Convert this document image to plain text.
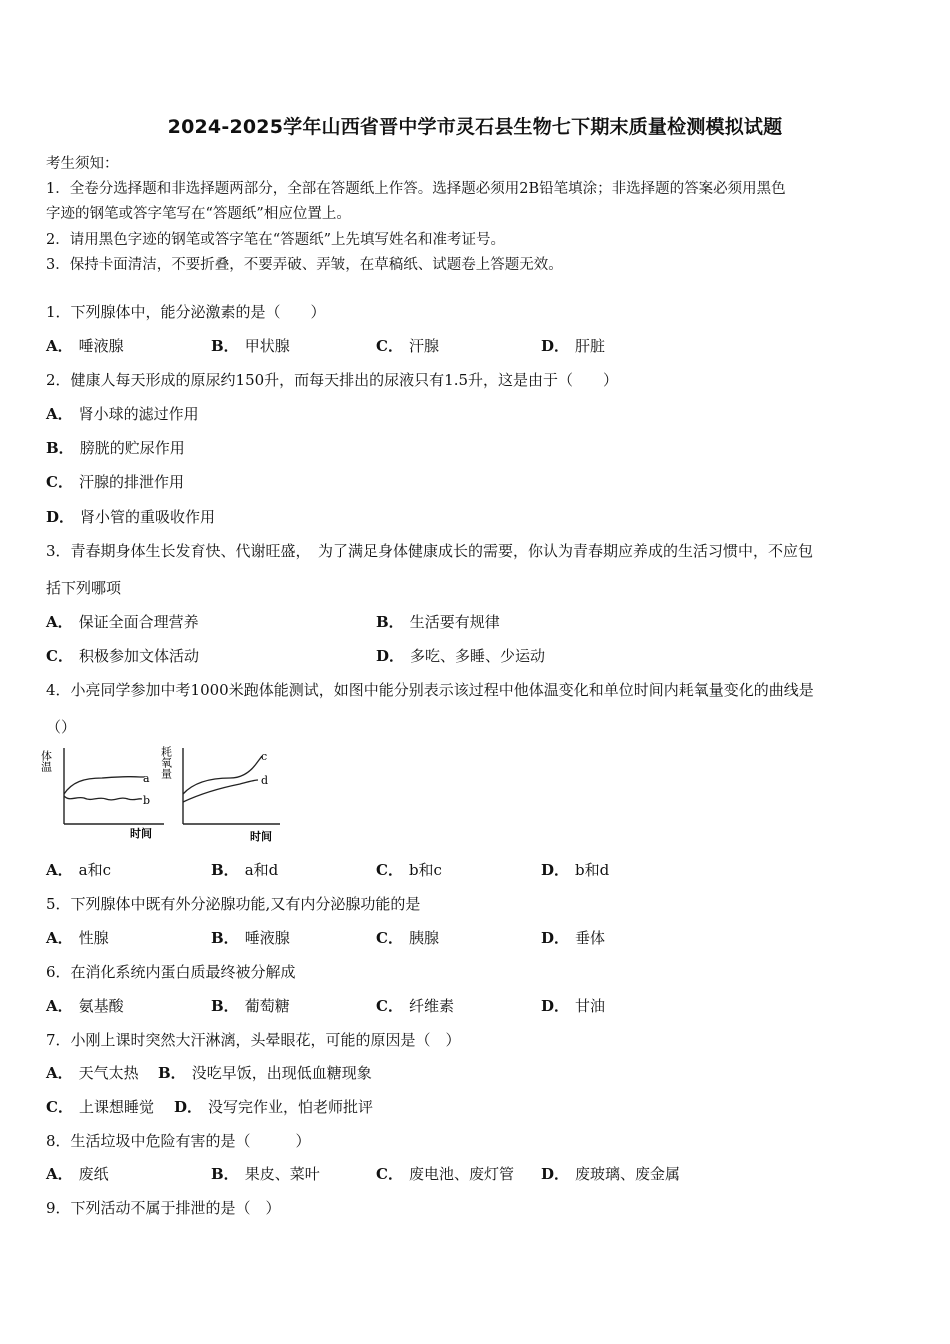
2024-2025学年山西省晋中学市灵石县生物七下期末质量检测模拟试题
考生须知：
1．全卷分选择题和非选择题两部分，全部在答题纸上作答。选择题必须用2B铅笔填涂；非选择题的答案必须用黑色
字迹的钢笔或答字笔写在“答题纸”相应位置上。
2．请用黑色字迹的钢笔或答字笔在“答题纸”上先填写姓名和准考证号。
3．保持卡面清洁，不要折叠，不要弄破、弄皱，在草稿纸、试题卷上答题无效。
1．下列腺体中，能分泌激素的是（　　）
A． 唾液腺	B． 甲状腺	C． 汗腺	D． 肝脏
2．健康人每天形成的原尿约150升，而每天排出的尿液只有1.5升，这是由于（　　）
A． 肾小球的滤过作用
B． 膀胱的贮尿作用
C． 汗腺的排泄作用
D． 肾小管的重吸收作用
3．青春期身体生长发育快、代谢旺盛，　为了满足身体健康成长的需要，你认为青春期应养成的生活习惯中，不应包
括下列哪项
A． 保证全面合理营养	B． 生活要有规律
C． 积极参加文体活动	D． 多吃、多睡、少运动
4．小亮同学参加中考1000米跑体能测试，如图中能分别表示该过程中他体温变化和单位时间内耗氧量变化的曲线是
（）
体温
a
b
时间
耗氧量	c
d
时间
A． a和c	B． a和d	C． b和c	D． b和d
5．下列腺体中既有外分泌腺功能,又有内分泌腺功能的是
A． 性腺	B． 唾液腺	C． 胰腺	D． 垂体
6．在消化系统内蛋白质最终被分解成
A． 氨基酸	B． 葡萄糖	C． 纤维素	D． 甘油
7．小刚上课时突然大汗淋漓，头晕眼花，可能的原因是（　）
A． 天气太热 B． 没吃早饭，出现低血糖现象
C． 上课想睡觉 D． 没写完作业，怕老师批评
8．生活垃圾中危险有害的是（　　　）
A． 废纸	B． 果皮、菜叶	C． 废电池、废灯管 D． 废玻璃、废金属
9．下列活动不属于排泄的是（　）
